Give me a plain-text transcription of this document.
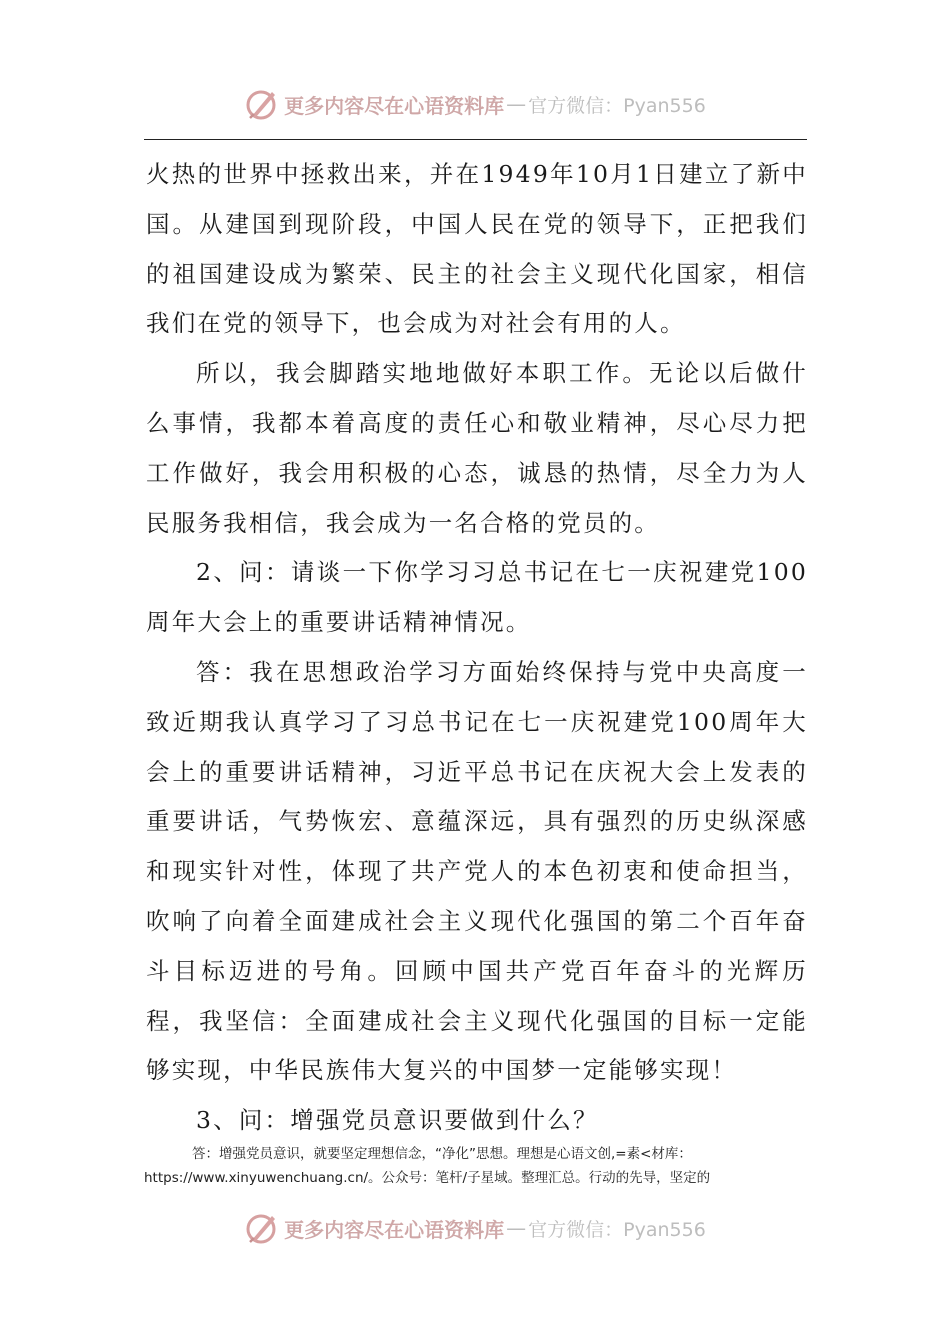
更多内容尽在心语资料库 — 官方微信：Pyan556

火热的世界中拯救出来，并在1949年10月1日建立了新中国。从建国到现阶段，中国人民在党的领导下，正把我们的祖国建设成为繁荣、民主的社会主义现代化国家，相信我们在党的领导下，也会成为对社会有用的人。

所以，我会脚踏实地地做好本职工作。无论以后做什么事情，我都本着高度的责任心和敬业精神，尽心尽力把工作做好，我会用积极的心态，诚恳的热情，尽全力为人民服务我相信，我会成为一名合格的党员的。

2、问：请谈一下你学习习总书记在七一庆祝建党100周年大会上的重要讲话精神情况。

答：我在思想政治学习方面始终保持与党中央高度一致近期我认真学习了习总书记在七一庆祝建党100周年大会上的重要讲话精神，习近平总书记在庆祝大会上发表的重要讲话，气势恢宏、意蕴深远，具有强烈的历史纵深感和现实针对性，体现了共产党人的本色初衷和使命担当，吹响了向着全面建成社会主义现代化强国的第二个百年奋斗目标迈进的号角。回顾中国共产党百年奋斗的光辉历程，我坚信：全面建成社会主义现代化强国的目标一定能够实现，中华民族伟大复兴的中国梦一定能够实现！

3、问：增强党员意识要做到什么？

答：增强党员意识，就要坚定理想信念，“净化”思想。理想是心语文创,=素<材库：https://www.xinyuwenchuang.cn/。公众号：笔杆/子星域。整理汇总。行动的先导，坚定的
更多内容尽在心语资料库 — 官方微信：Pyan556
